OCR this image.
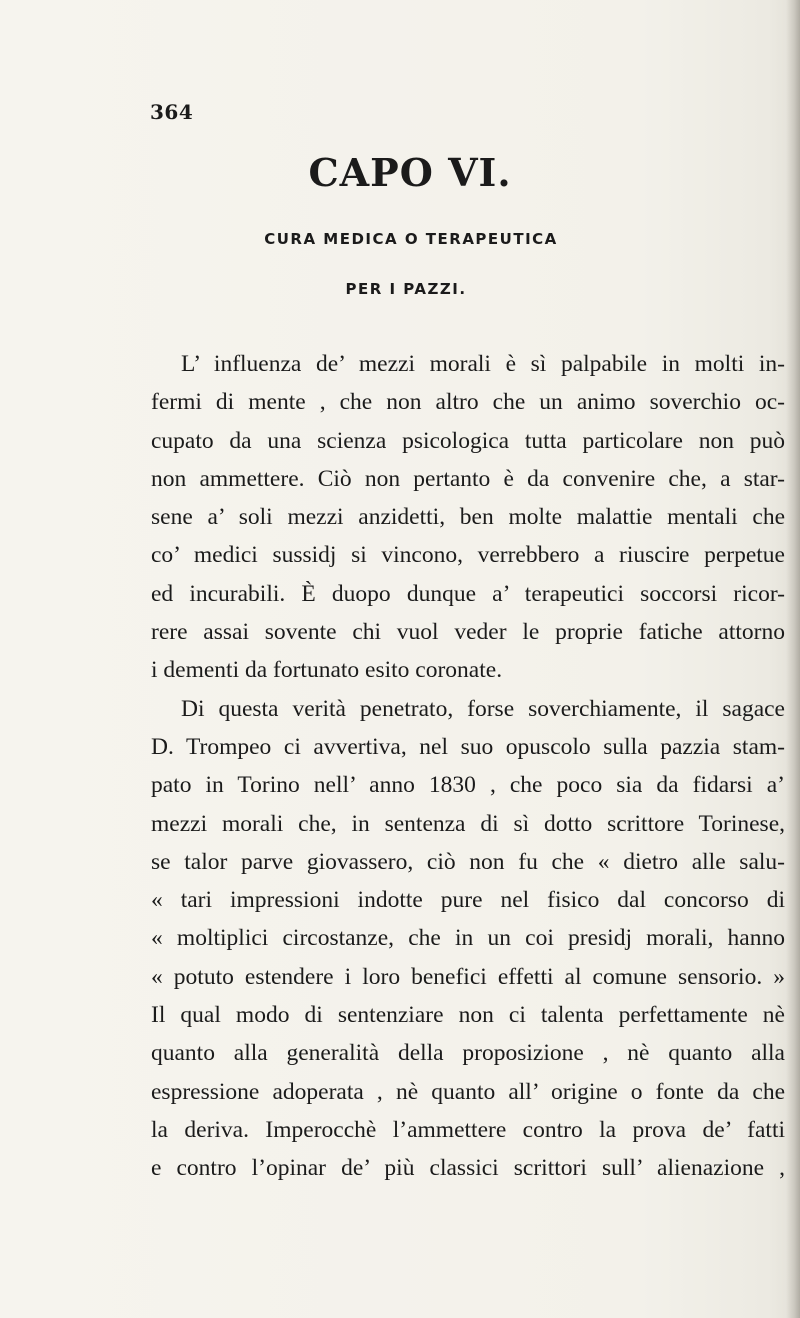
364
CAPO VI.
CURA MEDICA O TERAPEUTICA
PER I PAZZI.
L’ influenza de’ mezzi morali è sì palpabile in molti in-
fermi di mente , che non altro che un animo soverchio oc-
cupato da una scienza psicologica tutta particolare non può
non ammettere. Ciò non pertanto è da convenire che, a star-
sene a’ soli mezzi anzidetti, ben molte malattie mentali che
co’ medici sussidj si vincono, verrebbero a riuscire perpetue
ed incurabili. È duopo dunque a’ terapeutici soccorsi ricor-
rere assai sovente chi vuol veder le proprie fatiche attorno
i dementi da fortunato esito coronate.
Di questa verità penetrato, forse soverchiamente, il sagace
D. Trompeo ci avvertiva, nel suo opuscolo sulla pazzia stam-
pato in Torino nell’ anno 1830 , che poco sia da fidarsi a’
mezzi morali che, in sentenza di sì dotto scrittore Torinese,
se talor parve giovassero, ciò non fu che « dietro alle salu-
« tari impressioni indotte pure nel fisico dal concorso di
« moltiplici circostanze, che in un coi presidj morali, hanno
« potuto estendere i loro benefici effetti al comune sensorio. »
Il qual modo di sentenziare non ci talenta perfettamente nè
quanto alla generalità della proposizione , nè quanto alla
espressione adoperata , nè quanto all’ origine o fonte da che
la deriva. Imperocchè l’ammettere contro la prova de’ fatti
e contro l’opinar de’ più classici scrittori sull’ alienazione ,
